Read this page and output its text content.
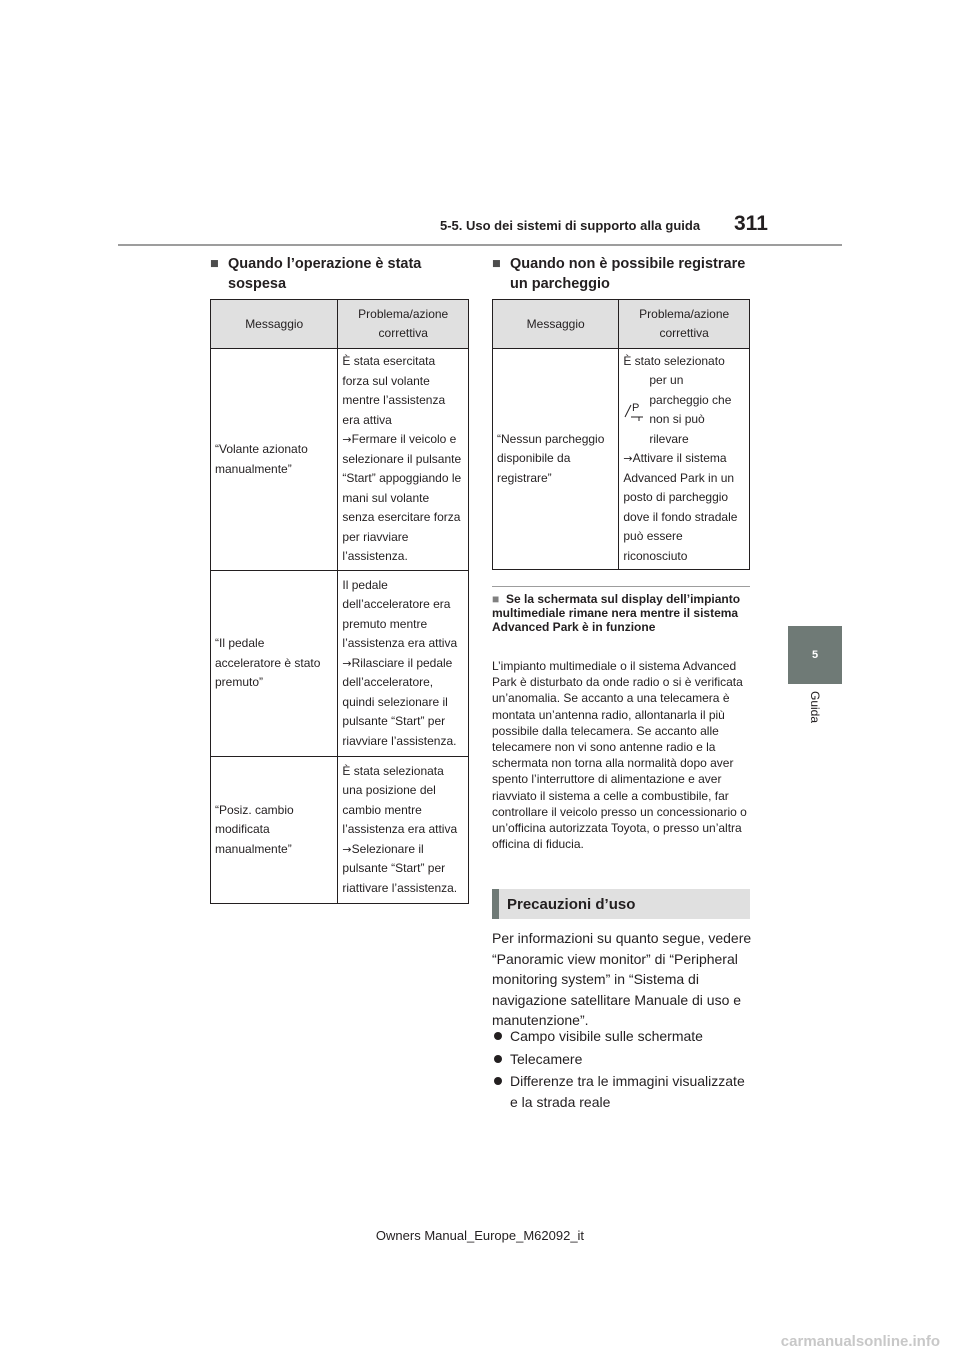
5-5. Uso dei sistemi di supporto alla guida 311
5
Guida
■ Quando l’operazione è stata sospesa
Messaggio	Problema/azione correttiva
“Volante azionato manualmente”	È stata esercitata forza sul volante mentre l’assistenza era attiva
→Fermare il veicolo e selezionare il pulsante “Start” appoggiando le mani sul volante senza esercitare forza per riavviare l’assistenza.

“Il pedale acceleratore è stato premuto”	Il pedale dell’acceleratore era premuto mentre l’assistenza era attiva
→Rilasciare il pedale dell’acceleratore, quindi selezionare il pulsante “Start” per riavviare l’assistenza.

“Posiz. cambio modificata manualmente”	È stata selezionata una posizione del cambio mentre l’assistenza era attiva
→Selezionare il pulsante “Start” per riattivare l’assistenza.
■ Quando non è possibile registrare un parcheggio
Messaggio	Problema/azione correttiva
“Nessun parcheggio disponibile da registrare”	È stato selezionato
P
per un parcheggio che non si può rilevare
→Attivare il sistema Advanced Park in un posto di parcheggio dove il fondo stradale può essere riconosciuto
■ Se la schermata sul display dell’impianto multimediale rimane nera mentre il sistema Advanced Park è in funzione
L’impianto multimediale o il sistema Advanced Park è disturbato da onde radio o si è verificata un’anomalia. Se accanto a una telecamera è montata un’antenna radio, allontanarla il più possibile dalla telecamera. Se accanto alle telecamere non vi sono antenne radio e la schermata non torna alla normalità dopo aver spento l’interruttore di alimentazione e aver riavviato il sistema a celle a combustibile, far controllare il veicolo presso un concessionario o un’officina autorizzata Toyota, o presso un’altra officina di fiducia.
Precauzioni d’uso
Per informazioni su quanto segue, vedere “Panoramic view monitor” di “Peripheral monitoring system” in “Sistema di navigazione satellitare Manuale di uso e manutenzione”.
Campo visibile sulle schermate
Telecamere
Differenze tra le immagini visualizzate e la strada reale
Owners Manual_Europe_M62092_it
carmanualsonline.info
